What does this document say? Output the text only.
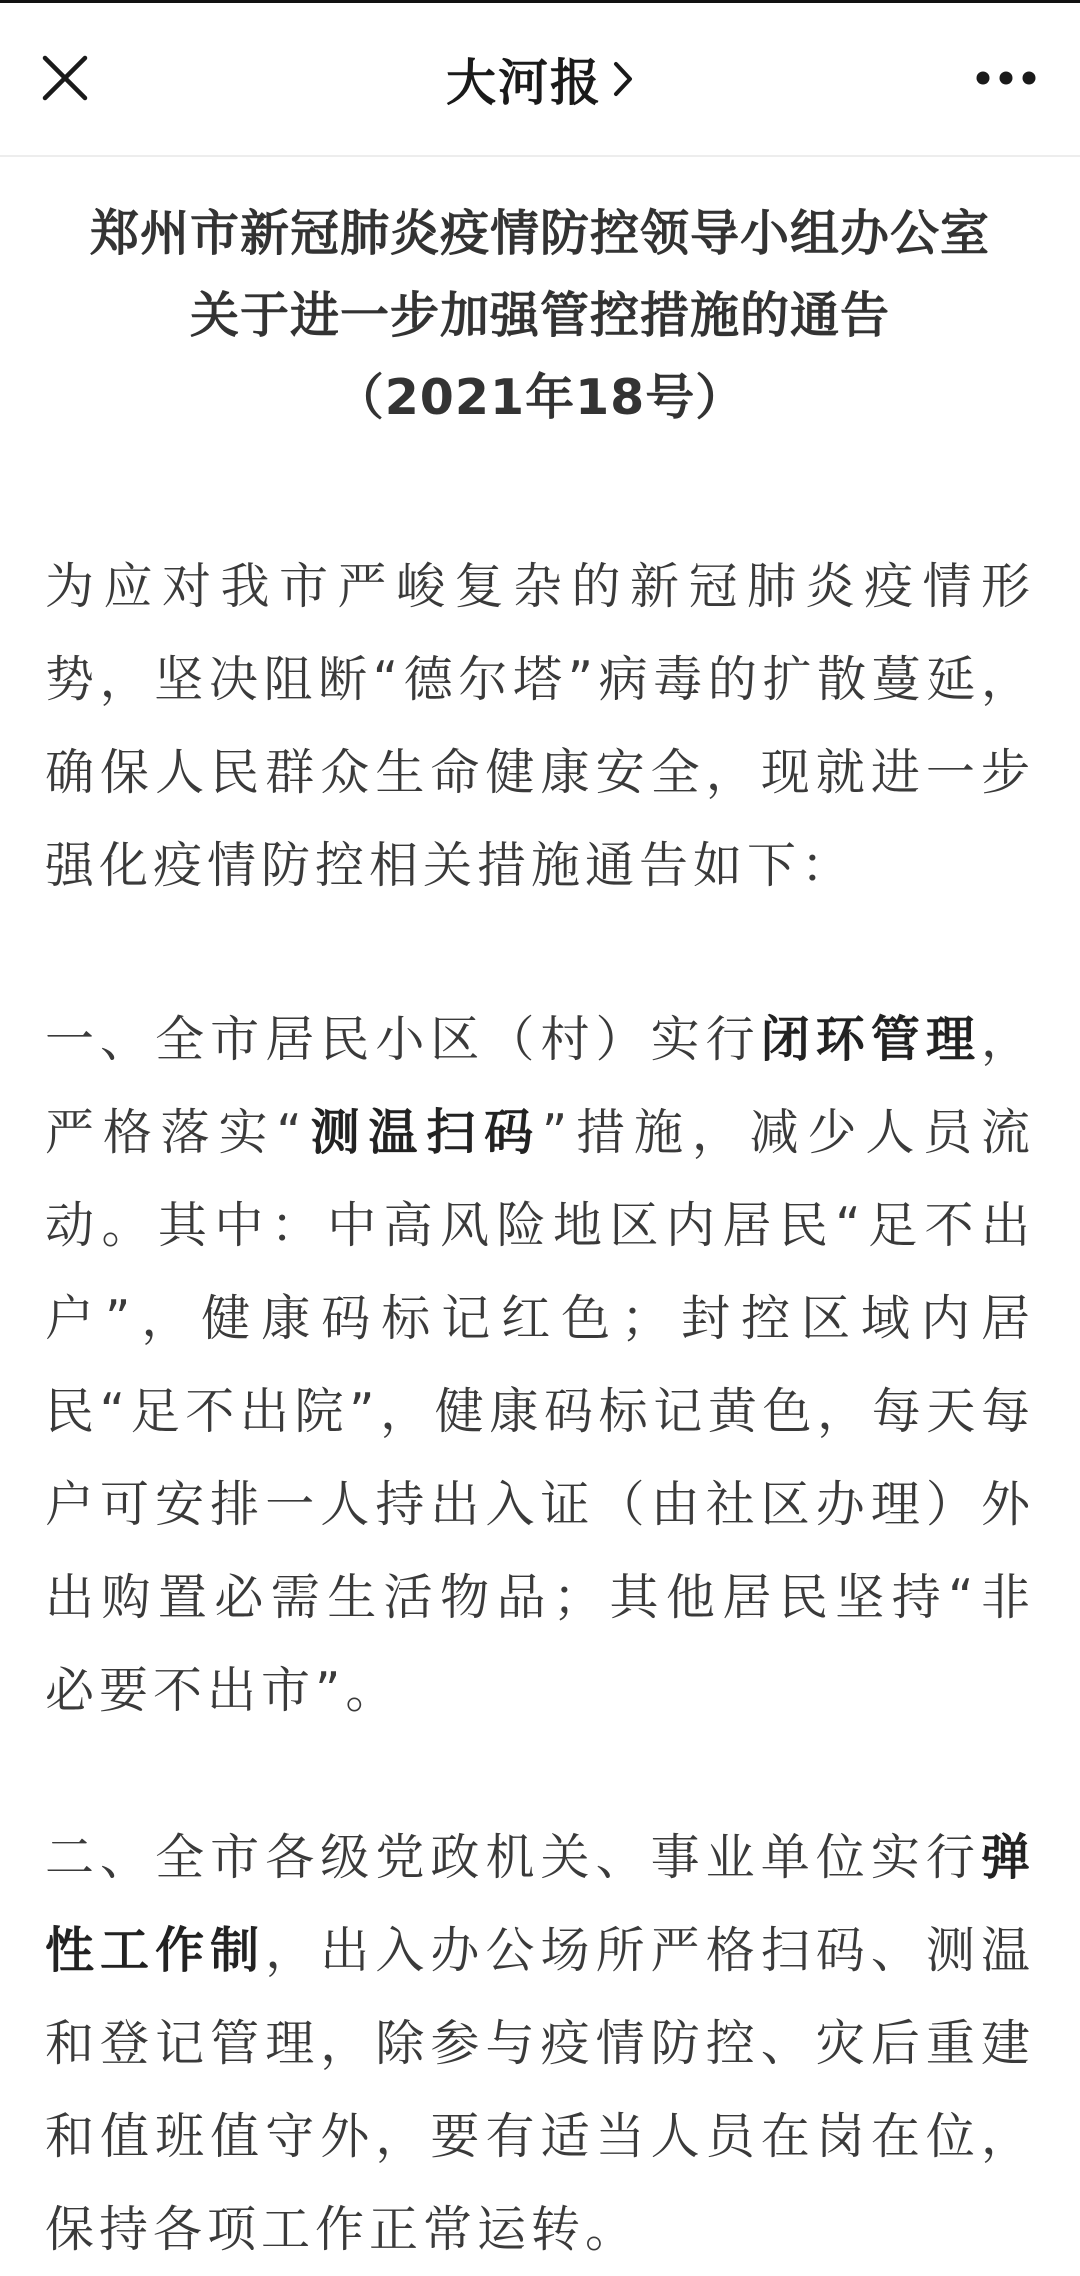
大河报
郑州市新冠肺炎疫情防控领导小组办公室
关于进一步加强管控措施的通告
（2021年18号）

为应对我市严峻复杂的新冠肺炎疫情形势，坚决阻断“德尔塔”病毒的扩散蔓延，确保人民群众生命健康安全，现就进一步强化疫情防控相关措施通告如下：

一、全市居民小区（村）实行闭环管理，严格落实“测温扫码”措施，减少人员流动。其中：中高风险地区内居民“足不出户”，健康码标记红色；封控区域内居民“足不出院”，健康码标记黄色，每天每户可安排一人持出入证（由社区办理）外出购置必需生活物品；其他居民坚持“非必要不出市”。

二、全市各级党政机关、事业单位实行弹性工作制，出入办公场所严格扫码、测温和登记管理，除参与疫情防控、灾后重建和值班值守外，要有适当人员在岗在位，保持各项工作正常运转。
